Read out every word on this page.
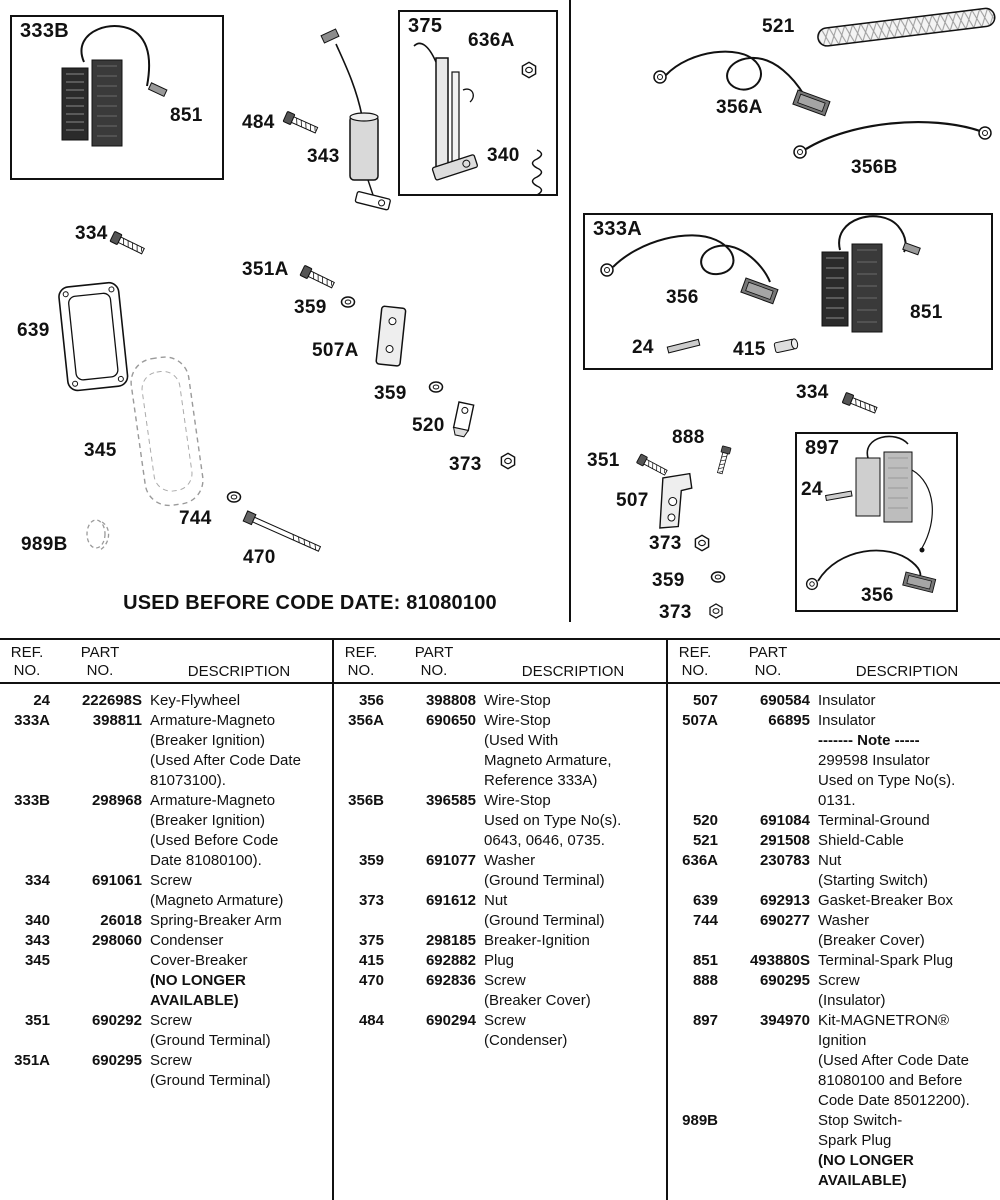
333B	375
333A
897
851 484
343
636A
340
521
356A
356B
356
851
24	415
334
351A
359
507A
639
359
520
345
373
744
470
989B
334
888
351
507
24
373
359
373
356
USED BEFORE CODE DATE: 81080100
REF.
NO.
PART
NO.	DESCRIPTION
24	222698S Key-Flywheel
333A	398811 Armature-Magneto
(Breaker Ignition)
(Used After Code Date
81073100).
333B	298968 Armature-Magneto
(Breaker Ignition)
(Used Before Code
Date 81080100).
334	691061 Screw
(Magneto Armature)
340	26018 Spring-Breaker Arm
343	298060 Condenser
345	Cover-Breaker
(NO LONGER
AVAILABLE)
351	690292 Screw
(Ground Terminal)
351A	690295 Screw
(Ground Terminal)
REF.
NO.
PART
NO.	DESCRIPTION
356	398808 Wire-Stop
356A	690650 Wire-Stop
(Used With
Magneto Armature,
Reference 333A)
356B	396585 Wire-Stop
Used on Type No(s).
0643, 0646, 0735.
359	691077 Washer
(Ground Terminal)
373	691612 Nut
(Ground Terminal)
375	298185 Breaker-Ignition
415	692882 Plug
470	692836 Screw
(Breaker Cover)
484	690294 Screw
(Condenser)
REF.
NO.
PART
NO.	DESCRIPTION
507	690584 Insulator
507A	66895 Insulator
------- Note -----
299598 Insulator
Used on Type No(s).
0131.
520	691084 Terminal-Ground
521	291508 Shield-Cable
636A	230783 Nut
(Starting Switch)
639	692913 Gasket-Breaker Box
744	690277 Washer
(Breaker Cover)
851	493880S Terminal-Spark Plug
888	690295 Screw
(Insulator)
897	394970 Kit-MAGNETRON®
Ignition
(Used After Code Date
81080100 and Before
Code Date 85012200).
989B	Stop Switch-
Spark Plug
(NO LONGER
AVAILABLE)
